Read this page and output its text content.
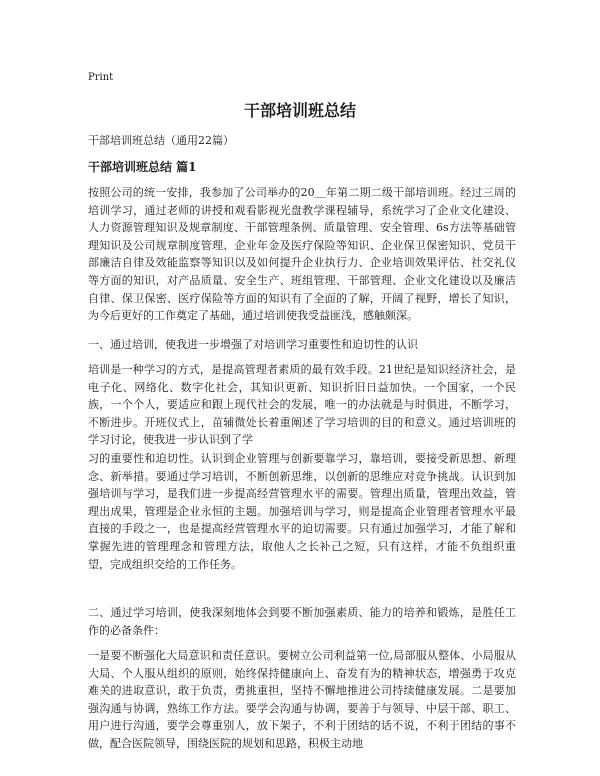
Print
干部培训班总结
干部培训班总结（通用22篇）
干部培训班总结 篇1

按照公司的统一安排，我参加了公司举办的20＿年第二期二级干部培训班。经过三周的培训学习，通过老师的讲授和观看影视光盘教学课程辅导，系统学习了企业文化建设、人力资源管理知识及规章制度、干部管理条例、质量管理、安全管理、6s方法等基础管理知识及公司规章制度管理、企业年金及医疗保险等知识、企业保卫保密知识、党员干部廉洁自律及效能监察等知识以及如何提升企业执行力、企业培训效果评估、社交礼仪等方面的知识，对产品质量、安全生产、班组管理、干部管理、企业文化建设以及廉洁自律、保卫保密、医疗保险等方面的知识有了全面的了解，开阔了视野，增长了知识，为今后更好的工作奠定了基础，通过培训使我受益匪浅，感触颇深。

一、通过培训，使我进一步增强了对培训学习重要性和迫切性的认识

培训是一种学习的方式，是提高管理者素质的最有效手段。21世纪是知识经济社会，是电子化、网络化、数字化社会，其知识更新、知识折旧日益加快。一个国家，一个民族，一个个人，要适应和跟上现代社会的发展，唯一的办法就是与时俱进，不断学习，不断进步。开班仪式上，苗辅微处长着重阐述了学习培训的目的和意义。通过培训班的学习讨论，使我进一步认识到了学

习的重要性和迫切性。认识到企业管理与创新要靠学习，靠培训，要接受新思想、新理念、新举措。要通过学习培训，不断创新思维，以创新的思维应对竞争挑战。认识到加强培训与学习，是我们进一步提高经营管理水平的需要。管理出质量，管理出效益，管理出成果，管理是企业永恒的主题。加强培训与学习，则是提高企业管理者管理水平最直接的手段之一，也是提高经营管理水平的迫切需要。只有通过加强学习，才能了解和掌握先进的管理理念和管理方法，取他人之长补己之短，只有这样，才能不负组织重望，完成组织交给的工作任务。

二、通过学习培训，使我深刻地体会到要不断加强素质、能力的培养和锻炼，是胜任工作的必备条件：

一是要不断强化大局意识和责任意识。要树立公司利益第一位,局部服从整体、小局服从大局、个人服从组织的原则，始终保持健康向上、奋发有为的精神状态，增强勇于攻克难关的进取意识，敢于负责，勇挑重担，坚持不懈地推进公司持续健康发展。二是要加强沟通与协调，熟练工作方法。要学会沟通与协调，要善于与领导、中层干部、职工、用户进行沟通，要学会尊重别人，放下架子，不利于团结的话不说，不利于团结的事不做，配合医院领导，围绕医院的规划和思路，积极主动地
